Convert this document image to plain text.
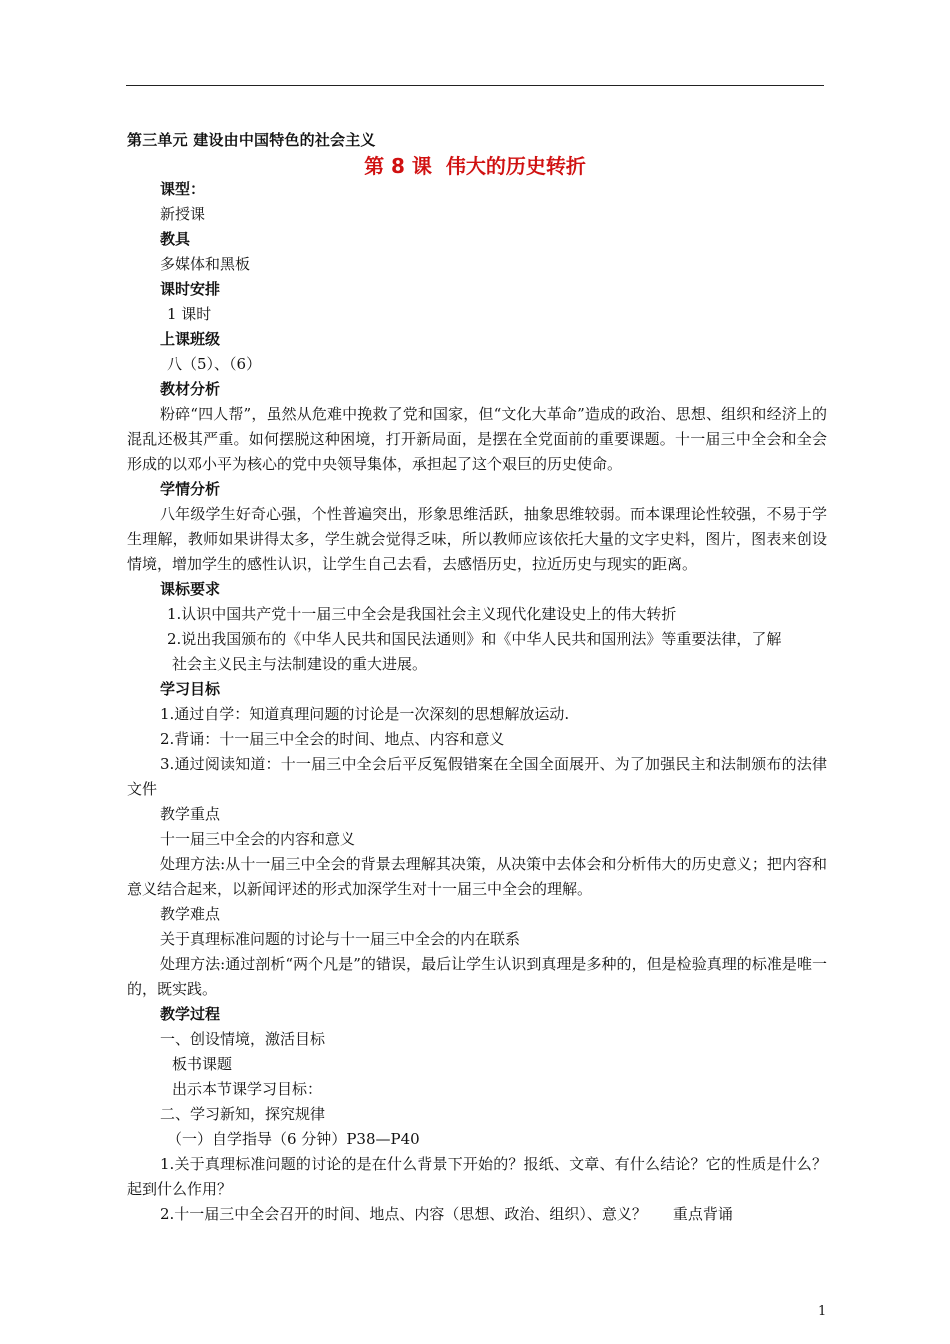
第三单元 建设由中国特色的社会主义
第 8 课 伟大的历史转折

课型：

新授课

教具

多媒体和黑板

课时安排

1 课时

上课班级

八（5）、（6）

教材分析

粉碎“四人帮”，虽然从危难中挽救了党和国家，但“文化大革命”造成的政治、思想、组织和经济上的混乱还极其严重。如何摆脱这种困境，打开新局面，是摆在全党面前的重要课题。十一届三中全会和全会形成的以邓小平为核心的党中央领导集体，承担起了这个艰巨的历史使命。

学情分析

八年级学生好奇心强，个性普遍突出，形象思维活跃，抽象思维较弱。而本课理论性较强，不易于学生理解，教师如果讲得太多，学生就会觉得乏味，所以教师应该依托大量的文字史料，图片，图表来创设情境，增加学生的感性认识，让学生自己去看，去感悟历史，拉近历史与现实的距离。

课标要求

1.认识中国共产党十一届三中全会是我国社会主义现代化建设史上的伟大转折

2.说出我国颁布的《中华人民共和国民法通则》和《中华人民共和国刑法》等重要法律，了解

社会主义民主与法制建设的重大进展。

学习目标

1.通过自学：知道真理问题的讨论是一次深刻的思想解放运动.

2.背诵：十一届三中全会的时间、地点、内容和意义

3.通过阅读知道：十一届三中全会后平反冤假错案在全国全面展开、为了加强民主和法制颁布的法律文件

教学重点

十一届三中全会的内容和意义

处理方法:从十一届三中全会的背景去理解其决策，从决策中去体会和分析伟大的历史意义；把内容和意义结合起来，以新闻评述的形式加深学生对十一届三中全会的理解。

教学难点

关于真理标准问题的讨论与十一届三中全会的内在联系

处理方法:通过剖析“两个凡是”的错误，最后让学生认识到真理是多种的，但是检验真理的标准是唯一的，既实践。

教学过程

一、创设情境，激活目标

板书课题

出示本节课学习目标：

二、学习新知，探究规律

（一）自学指导（6 分钟）P38—P40

1.关于真理标准问题的讨论的是在什么背景下开始的？报纸、文章、有什么结论？它的性质是什么？起到什么作用？

2.十一届三中全会召开的时间、地点、内容（思想、政治、组织）、意义？ 重点背诵

1
